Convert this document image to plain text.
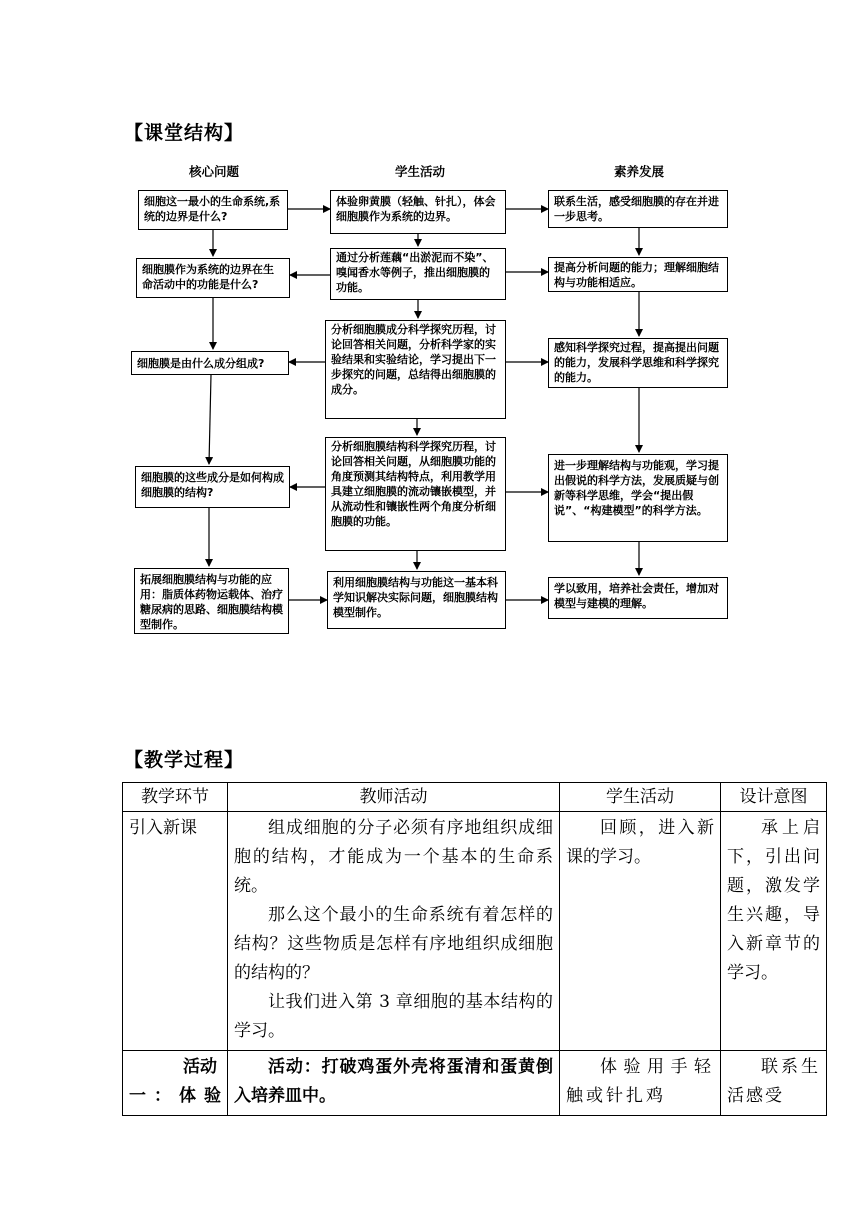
【课堂结构】
核心问题	学生活动	素养发展
细胞这一最小的生命系统,系统的边界是什么?
细胞膜作为系统的边界在生命活动中的功能是什么?
细胞膜是由什么成分组成?
细胞膜的这些成分是如何构成细胞膜的结构?
拓展细胞膜结构与功能的应用：脂质体药物运载体、治疗糖尿病的思路、细胞膜结构模型制作。
体验卵黄膜（轻触、针扎），体会细胞膜作为系统的边界。
通过分析莲藕“出淤泥而不染”、嗅闻香水等例子，推出细胞膜的功能。
分析细胞膜成分科学探究历程，讨论回答相关问题，分析科学家的实验结果和实验结论，学习提出下一步探究的问题，总结得出细胞膜的成分。
分析细胞膜结构科学探究历程，讨论回答相关问题，从细胞膜功能的角度预测其结构特点，利用教学用具建立细胞膜的流动镶嵌模型，并从流动性和镶嵌性两个角度分析细胞膜的功能。
利用细胞膜结构与功能这一基本科学知识解决实际问题，细胞膜结构模型制作。
联系生活，感受细胞膜的存在并进一步思考。
提高分析问题的能力；理解细胞结构与功能相适应。
感知科学探究过程，提高提出问题的能力，发展科学思维和科学探究的能力。
进一步理解结构与功能观，学习提出假说的科学方法，发展质疑与创新等科学思维，学会“提出假说”、“构建模型”的科学方法。
学以致用，培养社会责任，增加对模型与建模的理解。
【教学过程】
教学环节	教师活动	学生活动	设计意图
引入新课	组成细胞的分子必须有序地组织成细胞的结构，才能成为一个基本的生命系统。

那么这个最小的生命系统有着怎样的结构？这些物质是怎样有序地组织成细胞的结构的？

让我们进入第 3 章细胞的基本结构的学习。	回顾，进入新课的学习。	承上启下，引出问题，激发学生兴趣，导入新章节的学习。

活动
一：体验	活动：打破鸡蛋外壳将蛋清和蛋黄倒入培养皿中。	体验用手轻触或针扎鸡	联系生活感受
